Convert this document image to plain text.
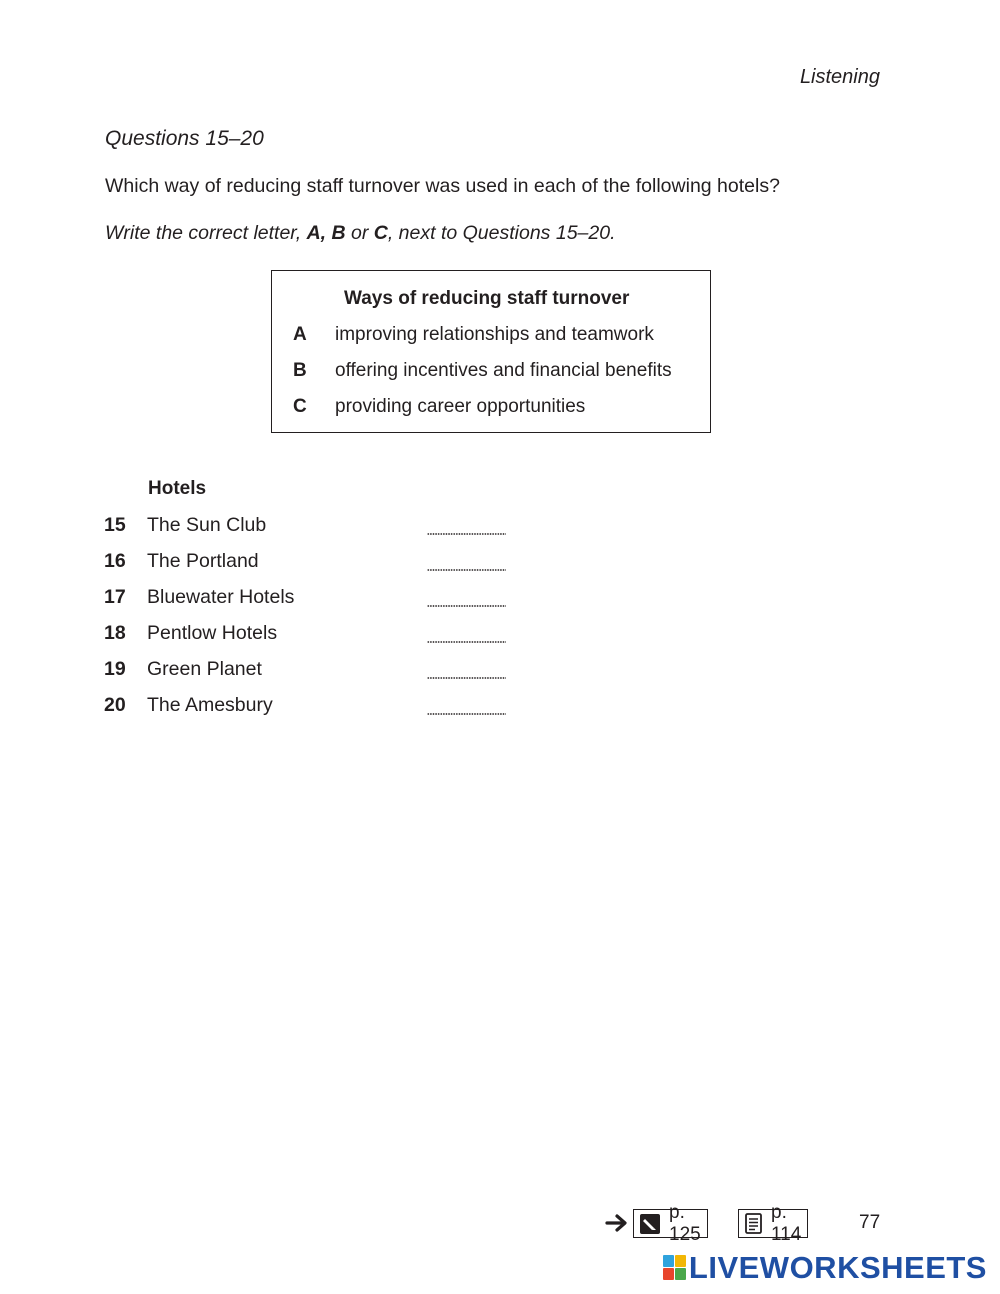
Listening
Questions 15–20
Which way of reducing staff turnover was used in each of the following hotels?
Write the correct letter, A, B or C, next to Questions 15–20.
Ways of reducing staff turnover
A improving relationships and teamwork
B offering incentives and financial benefits
C providing career opportunities
Hotels
15 The Sun Club
16 The Portland
17 Bluewater Hotels
18 Pentlow Hotels
19 Green Planet
20 The Amesbury
p. 125
p. 114
77
LIVEWORKSHEETS
